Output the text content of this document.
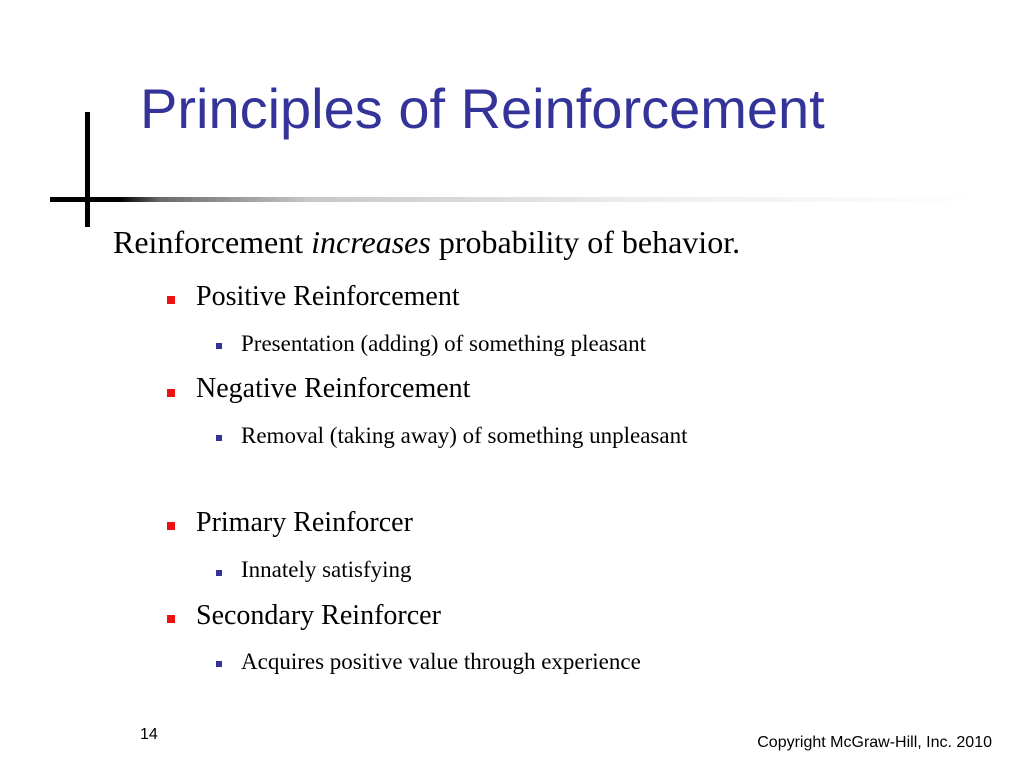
Principles of Reinforcement
Reinforcement increases probability of behavior.
Positive Reinforcement
Presentation (adding) of something pleasant
Negative Reinforcement
Removal (taking away) of something unpleasant
Primary Reinforcer
Innately satisfying
Secondary Reinforcer
Acquires positive value through experience
14	Copyright McGraw-Hill, Inc. 2010
